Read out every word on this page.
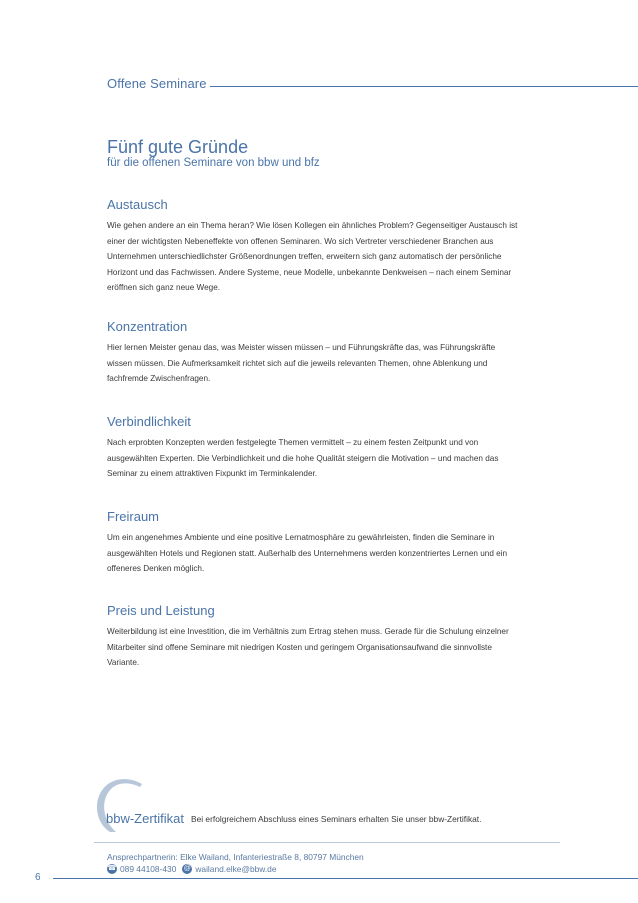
Offene Seminare
Fünf gute Gründe
für die offenen Seminare von bbw und bfz
Austausch

Wie gehen andere an ein Thema heran? Wie lösen Kollegen ein ähnliches Problem? Gegenseitiger Austausch ist einer der wichtigsten Nebeneffekte von offenen Seminaren. Wo sich Vertreter verschiedener Branchen aus Unternehmen unterschiedlichster Größenordnungen treffen, erweitern sich ganz automatisch der persönliche Horizont und das Fachwissen. Andere Systeme, neue Modelle, unbekannte Denkweisen – nach einem Seminar eröffnen sich ganz neue Wege.

Konzentration

Hier lernen Meister genau das, was Meister wissen müssen – und Führungskräfte das, was Führungskräfte wissen müssen. Die Aufmerksamkeit richtet sich auf die jeweils relevanten Themen, ohne Ablenkung und fachfremde Zwischenfragen.

Verbindlichkeit

Nach erprobten Konzepten werden festgelegte Themen vermittelt – zu einem festen Zeitpunkt und von ausgewählten Experten. Die Verbindlichkeit und die hohe Qualität steigern die Motivation – und machen das Seminar zu einem attraktiven Fixpunkt im Terminkalender.

Freiraum

Um ein angenehmes Ambiente und eine positive Lernatmosphäre zu gewährleisten, finden die Seminare in ausgewählten Hotels und Regionen statt. Außerhalb des Unternehmens werden konzentriertes Lernen und ein offeneres Denken möglich.

Preis und Leistung

Weiterbildung ist eine Investition, die im Verhältnis zum Ertrag stehen muss. Gerade für die Schulung einzelner Mitarbeiter sind offene Seminare mit niedrigen Kosten und geringem Organisationsaufwand die sinnvollste Variante.

bbw-Zertifikat Bei erfolgreichem Abschluss eines Seminars erhalten Sie unser bbw-Zertifikat.
Ansprechpartnerin: Elke Wailand, Infanteriestraße 8, 80797 München
☎ 089 44108-430 @ wailand.elke@bbw.de
6
